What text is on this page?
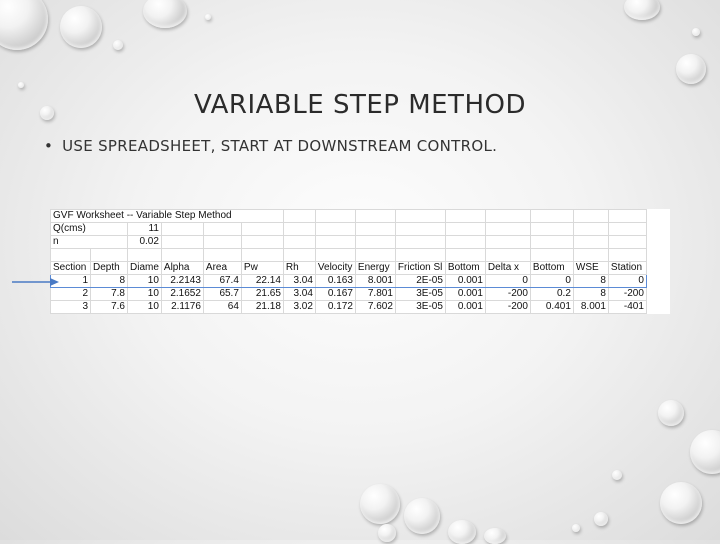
VARIABLE STEP METHOD
• USE SPREADSHEET, START AT DOWNSTREAM CONTROL.
GVF Worksheet -- Variable Step Method														
Q(cms)		11												
n		0.02												

Section	Depth	Diame	Alpha	Area	Pw	Rh	Velocity	Energy	Friction Sl	Bottom	Delta x	Bottom	WSE	Station
1	8	10	2.2143	67.4	22.14	3.04	0.163	8.001	2E-05	0.001	0	0	8	0
2	7.8	10	2.1652	65.7	21.65	3.04	0.167	7.801	3E-05	0.001	-200	0.2	8	-200
3	7.6	10	2.1176	64	21.18	3.02	0.172	7.602	3E-05	0.001	-200	0.401	8.001	-401
